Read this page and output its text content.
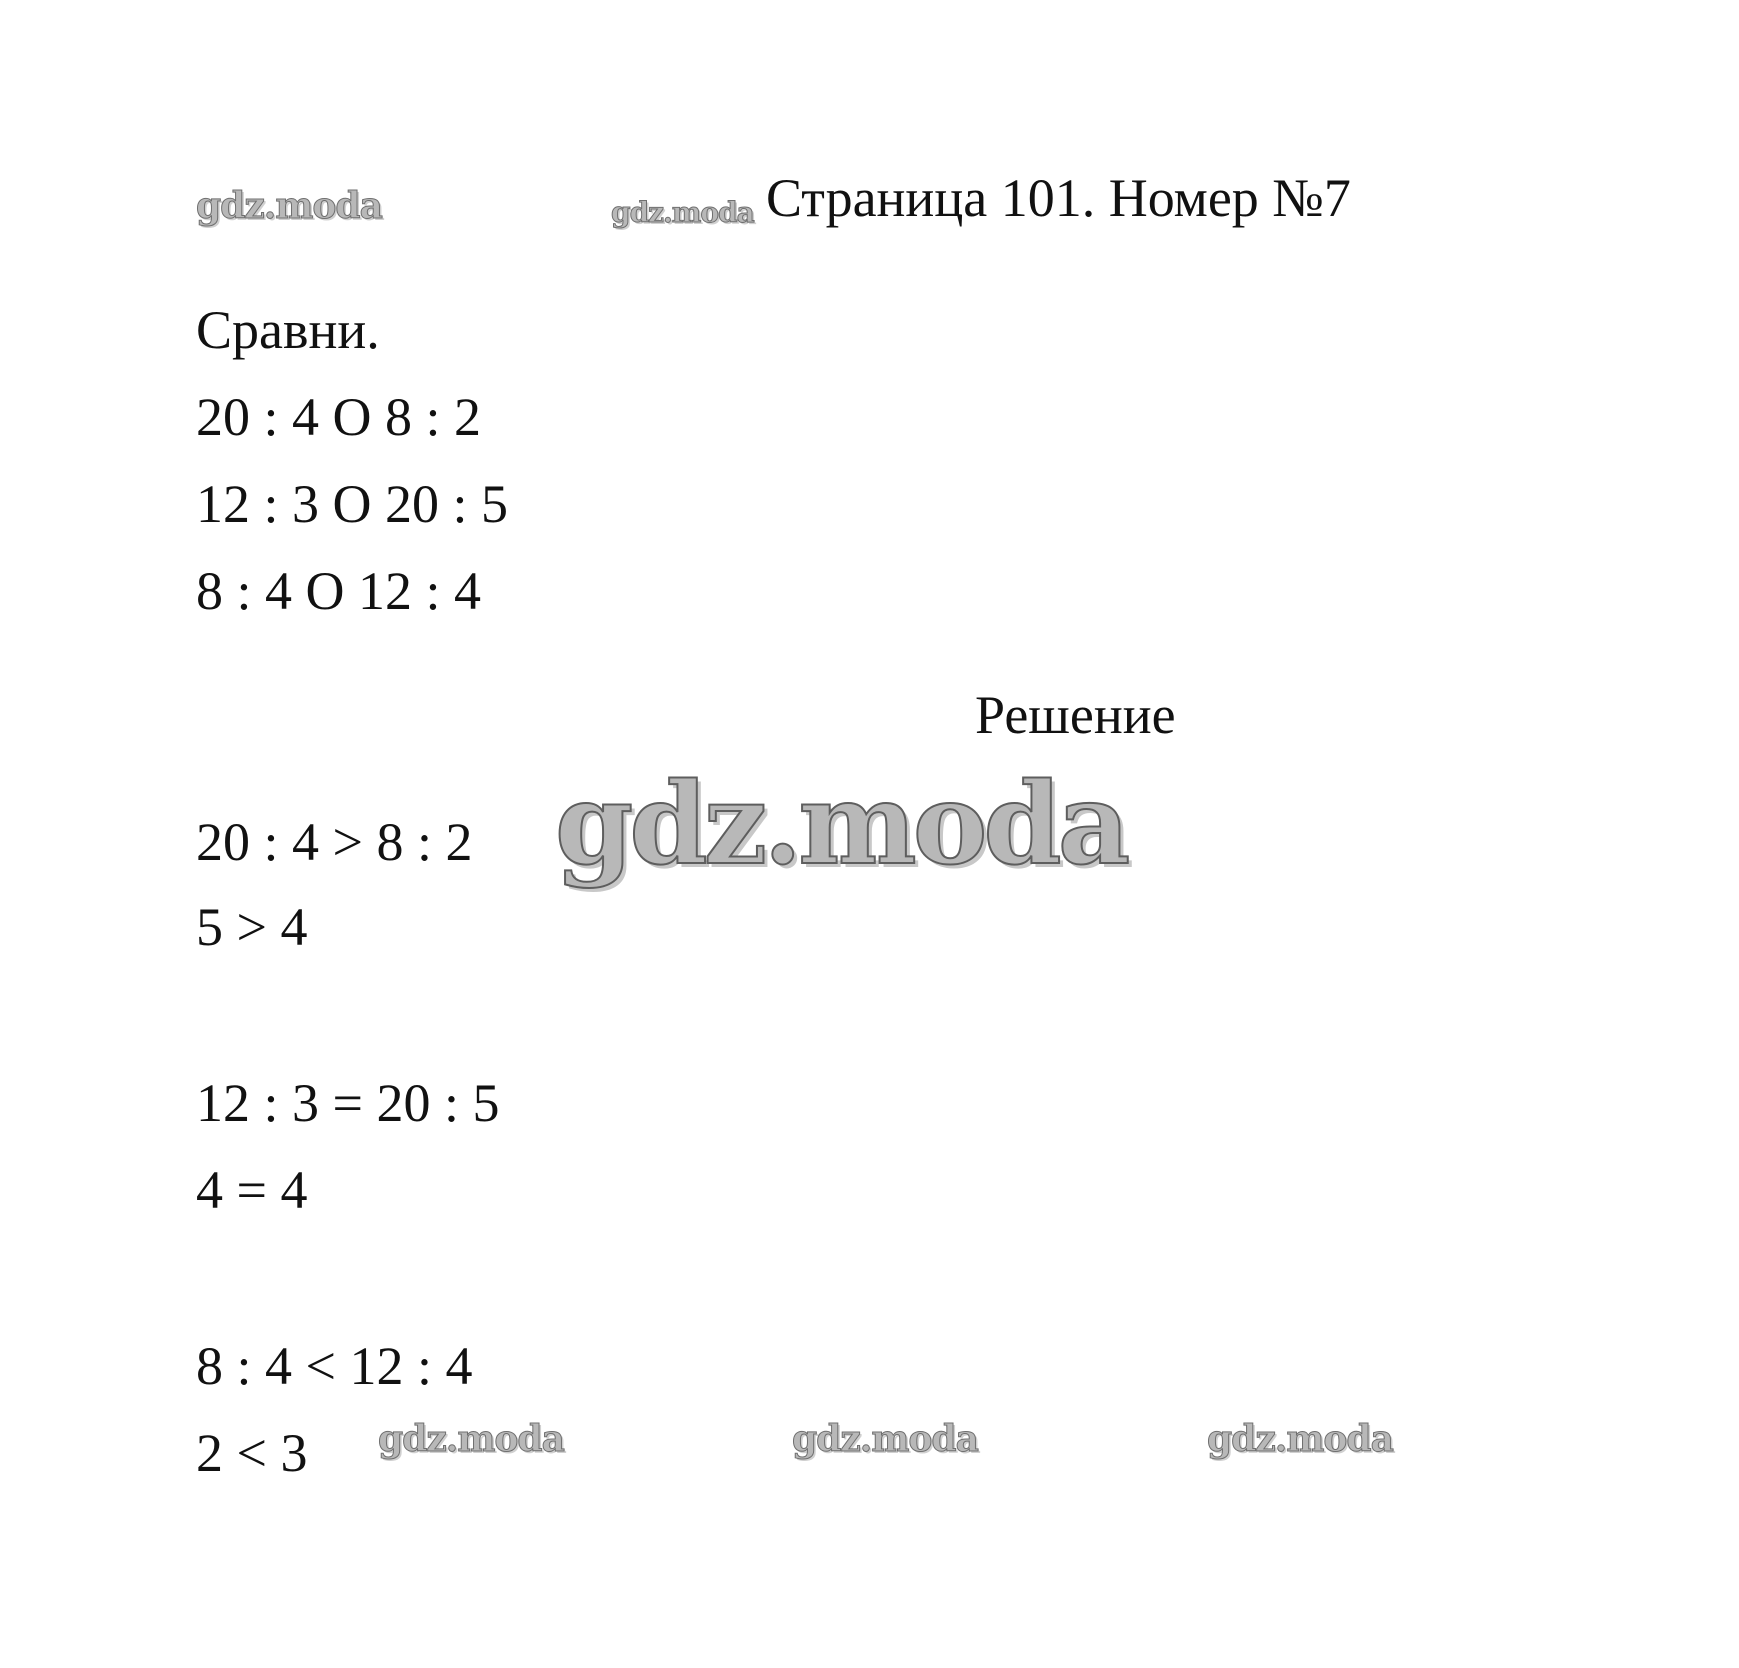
gdz.moda	gdz.moda
gdz.moda
gdz.moda	gdz.moda	gdz.moda
Страница 101. Номер №7
Сравни.
20 : 4 O 8 : 2
12 : 3 O 20 : 5
8 : 4 O 12 : 4
Решение
20 : 4 > 8 : 2
5 > 4
12 : 3 = 20 : 5
4 = 4
8 : 4 < 12 : 4
2 < 3
